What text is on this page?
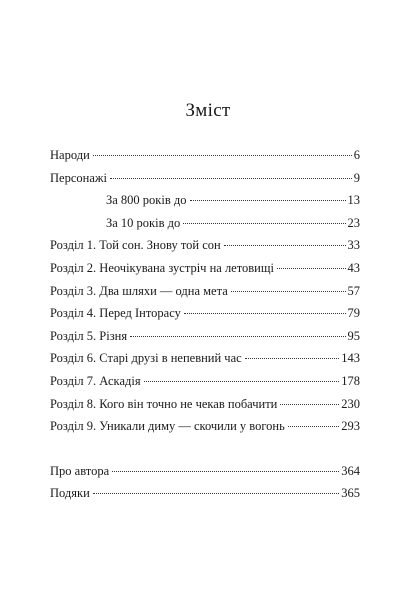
Зміст
Народи	6
Персонажі	9
За 800 років до	13
За 10 років до	23
Розділ 1. Той сон. Знову той сон	33
Розділ 2. Неочікувана зустріч на летовищі	43
Розділ 3. Два шляхи — одна мета	57
Розділ 4. Перед Інторасу	79
Розділ 5. Різня	95
Розділ 6. Старі друзі в непевний час	143
Розділ 7. Аскадія	178
Розділ 8. Кого він точно не чекав побачити	230
Розділ 9. Уникали диму — скочили у вогонь	293
Про автора	364
Подяки	365
